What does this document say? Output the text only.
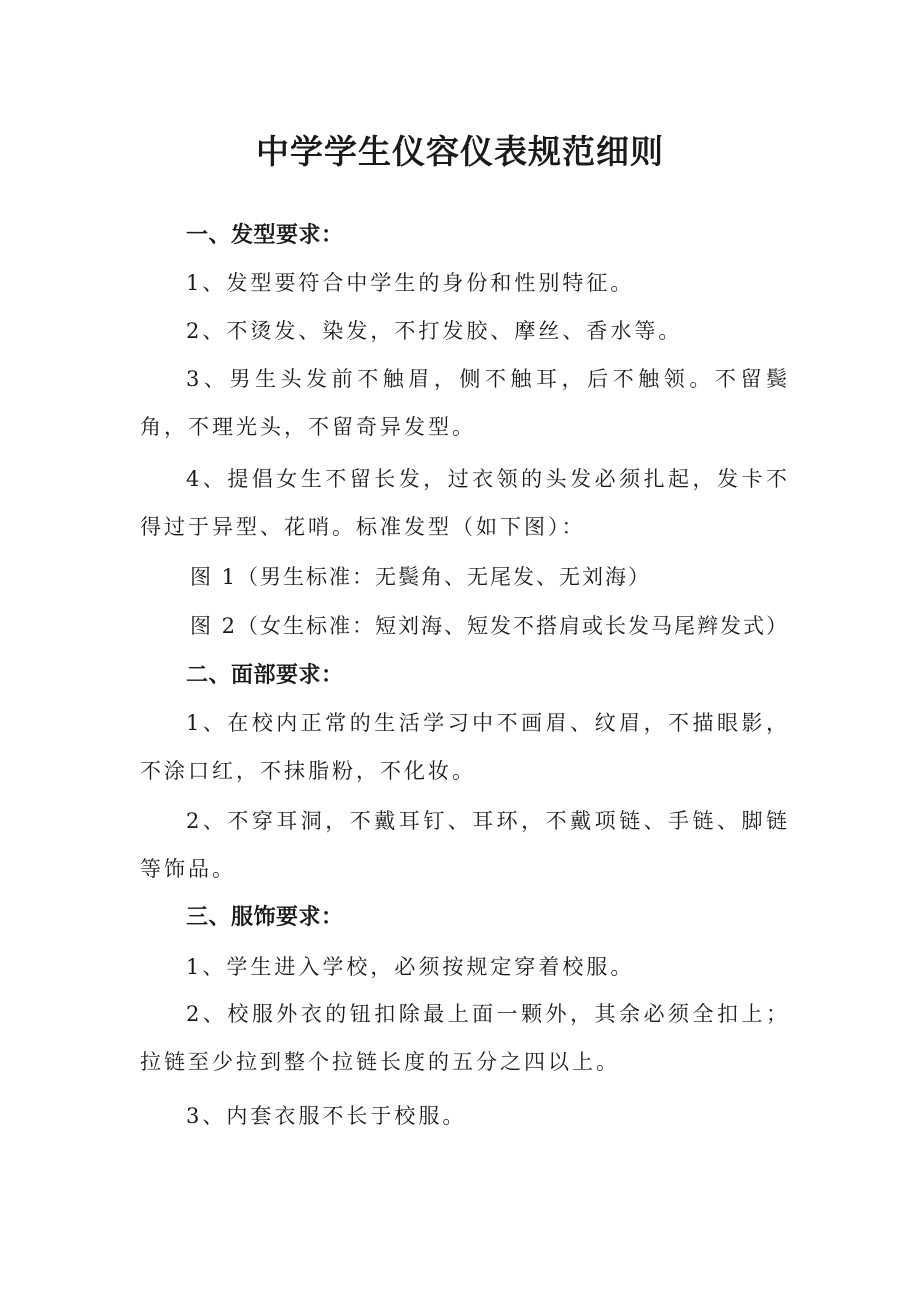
中学学生仪容仪表规范细则
一、发型要求：
1、发型要符合中学生的身份和性别特征。
2、不烫发、染发，不打发胶、摩丝、香水等。

3、男生头发前不触眉，侧不触耳，后不触领。不留鬓角，不理光头，不留奇异发型。

4、提倡女生不留长发，过衣领的头发必须扎起，发卡不得过于异型、花哨。标准发型（如下图）：

图 1（男生标准：无鬓角、无尾发、无刘海）
图 2（女生标准：短刘海、短发不搭肩或长发马尾辫发式）
二、面部要求：

1、在校内正常的生活学习中不画眉、纹眉，不描眼影，不涂口红，不抹脂粉，不化妆。

2、不穿耳洞，不戴耳钉、耳环，不戴项链、手链、脚链等饰品。

三、服饰要求：
1、学生进入学校，必须按规定穿着校服。

2、校服外衣的钮扣除最上面一颗外，其余必须全扣上；拉链至少拉到整个拉链长度的五分之四以上。

3、内套衣服不长于校服。
